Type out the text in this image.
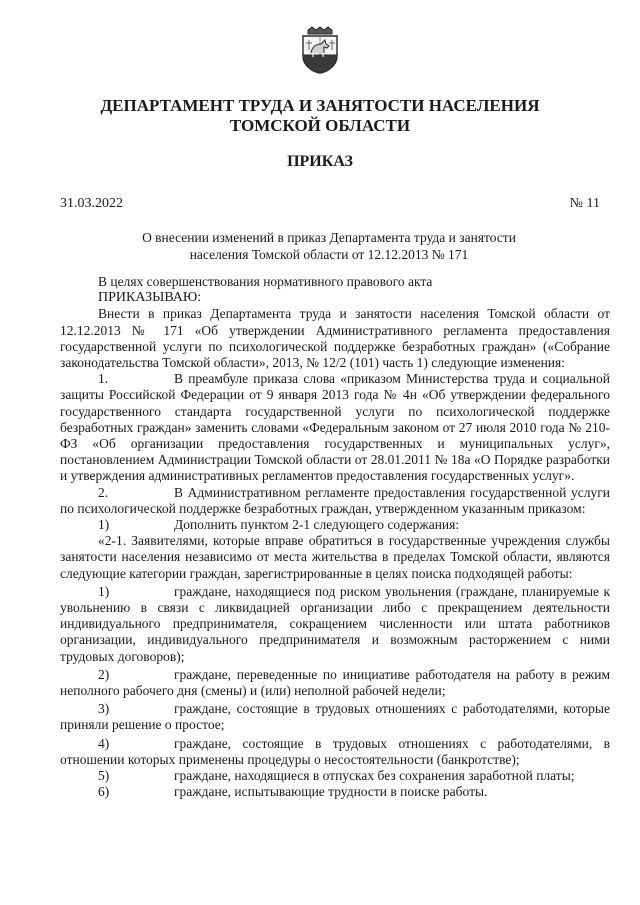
ДЕПАРТАМЕНТ ТРУДА И ЗАНЯТОСТИ НАСЕЛЕНИЯ
ТОМСКОЙ ОБЛАСТИ
ПРИКАЗ
31.03.2022	№ 11
О внесении изменений в приказ Департамента труда и занятости
населения Томской области от 12.12.2013 № 171

В целях совершенствования нормативного правового акта

ПРИКАЗЫВАЮ:

Внести в приказ Департамента труда и занятости населения Томской области от 12.12.2013 № 171 «Об утверждении Административного регламента предоставления государственной услуги по психологической поддержке безработных граждан» («Собрание законодательства Томской области», 2013, № 12/2 (101) часть 1) следующие изменения:

1.	В преамбуле приказа слова «приказом Министерства труда и социальной защиты Российской Федерации от 9 января 2013 года № 4н «Об утверждении федерального государственного стандарта государственной услуги по психологической поддержке безработных граждан» заменить словами «Федеральным законом от 27 июля 2010 года № 210-ФЗ «Об организации предоставления государственных и муниципальных услуг», постановлением Администрации Томской области от 28.01.2011 № 18а «О Порядке разработки и утверждения административных регламентов предоставления государственных услуг».

2.	В Административном регламенте предоставления государственной услуги по психологической поддержке безработных граждан, утвержденном указанным приказом:

1)	Дополнить пунктом 2-1 следующего содержания:

«2-1. Заявителями, которые вправе обратиться в государственные учреждения службы занятости населения независимо от места жительства в пределах Томской области, являются следующие категории граждан, зарегистрированные в целях поиска подходящей работы:

1)	граждане, находящиеся под риском увольнения (граждане, планируемые к увольнению в связи с ликвидацией организации либо с прекращением деятельности индивидуального предпринимателя, сокращением численности или штата работников организации, индивидуального предпринимателя и возможным расторжением с ними трудовых договоров);

2)	граждане, переведенные по инициативе работодателя на работу в режим неполного рабочего дня (смены) и (или) неполной рабочей недели;

3)	граждане, состоящие в трудовых отношениях с работодателями, которые приняли решение о простое;

4)	граждане, состоящие в трудовых отношениях с работодателями, в отношении которых применены процедуры о несостоятельности (банкротстве);

5)	граждане, находящиеся в отпусках без сохранения заработной платы;

6)	граждане, испытывающие трудности в поиске работы.
